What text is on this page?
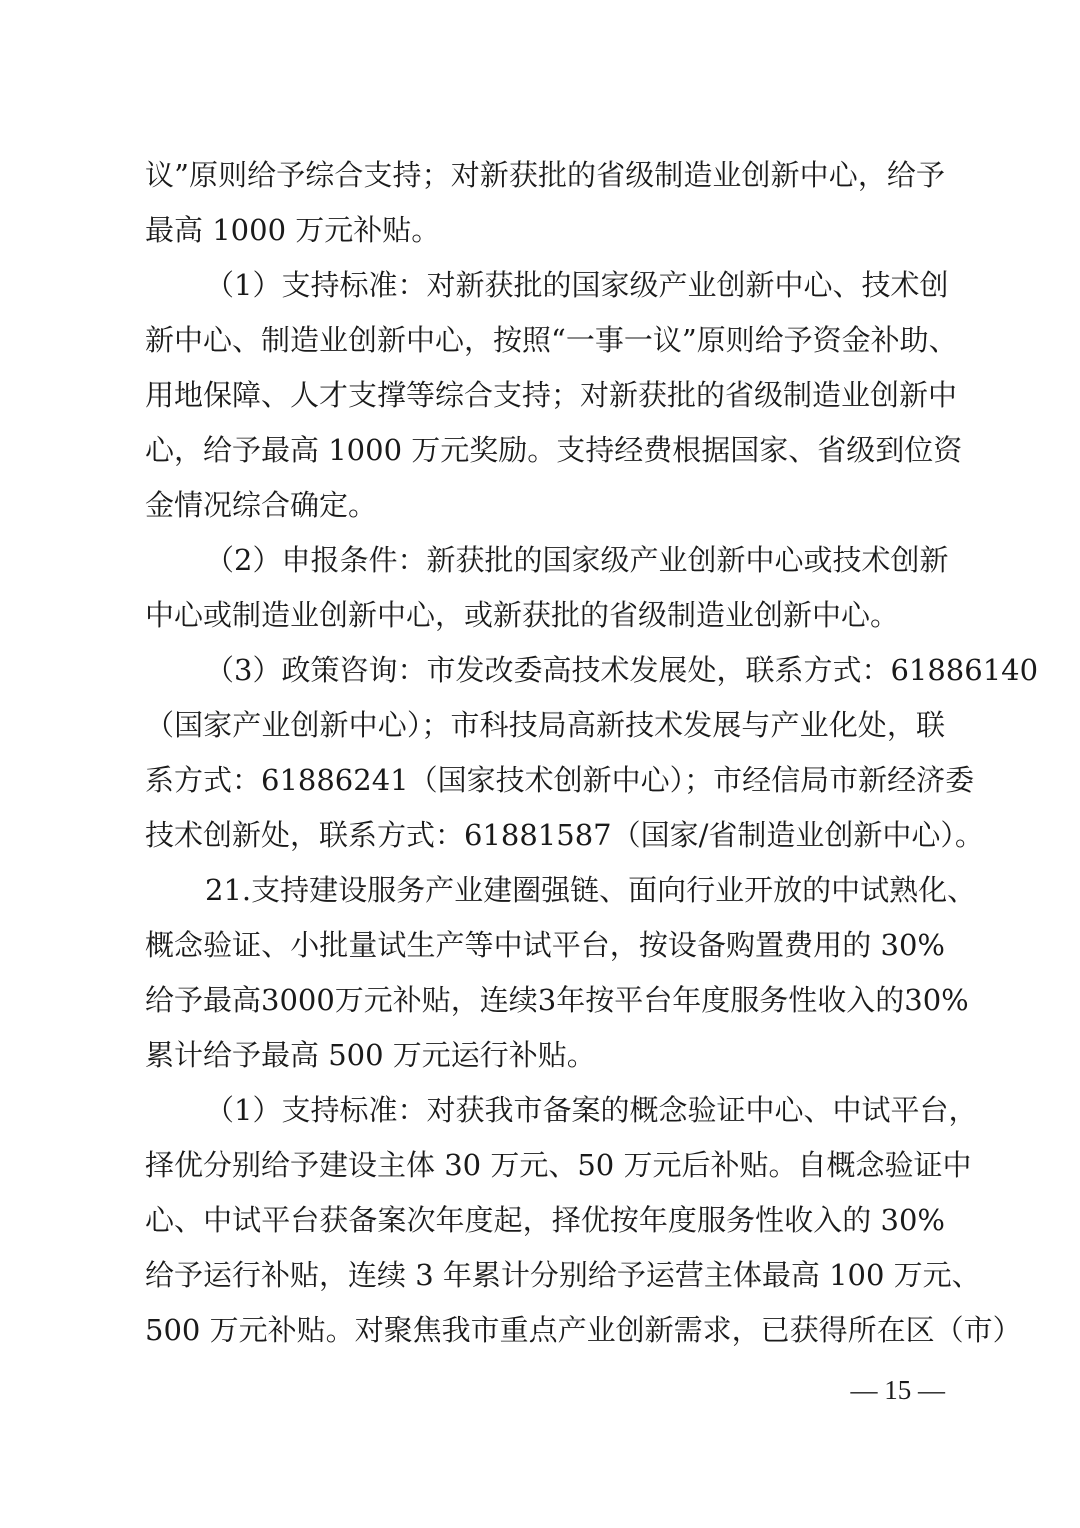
议”原则给予综合支持；对新获批的省级制造业创新中心，给予
最高 1000 万元补贴。
（1）支持标准：对新获批的国家级产业创新中心、技术创
新中心、制造业创新中心，按照“一事一议”原则给予资金补助、
用地保障、人才支撑等综合支持；对新获批的省级制造业创新中
心，给予最高 1000 万元奖励。支持经费根据国家、省级到位资
金情况综合确定。
（2）申报条件：新获批的国家级产业创新中心或技术创新
中心或制造业创新中心，或新获批的省级制造业创新中心。
（3）政策咨询：市发改委高技术发展处，联系方式：61886140
（国家产业创新中心）；市科技局高新技术发展与产业化处，联
系方式：61886241（国家技术创新中心）；市经信局市新经济委
技术创新处，联系方式：61881587（国家/省制造业创新中心）。
21.支持建设服务产业建圈强链、面向行业开放的中试熟化、
概念验证、小批量试生产等中试平台，按设备购置费用的 30%
给予最高3000万元补贴，连续3年按平台年度服务性收入的30%
累计给予最高 500 万元运行补贴。
（1）支持标准：对获我市备案的概念验证中心、中试平台，
择优分别给予建设主体 30 万元、50 万元后补贴。自概念验证中
心、中试平台获备案次年度起，择优按年度服务性收入的 30%
给予运行补贴，连续 3 年累计分别给予运营主体最高 100 万元、
500 万元补贴。对聚焦我市重点产业创新需求，已获得所在区（市）
— 15 —
